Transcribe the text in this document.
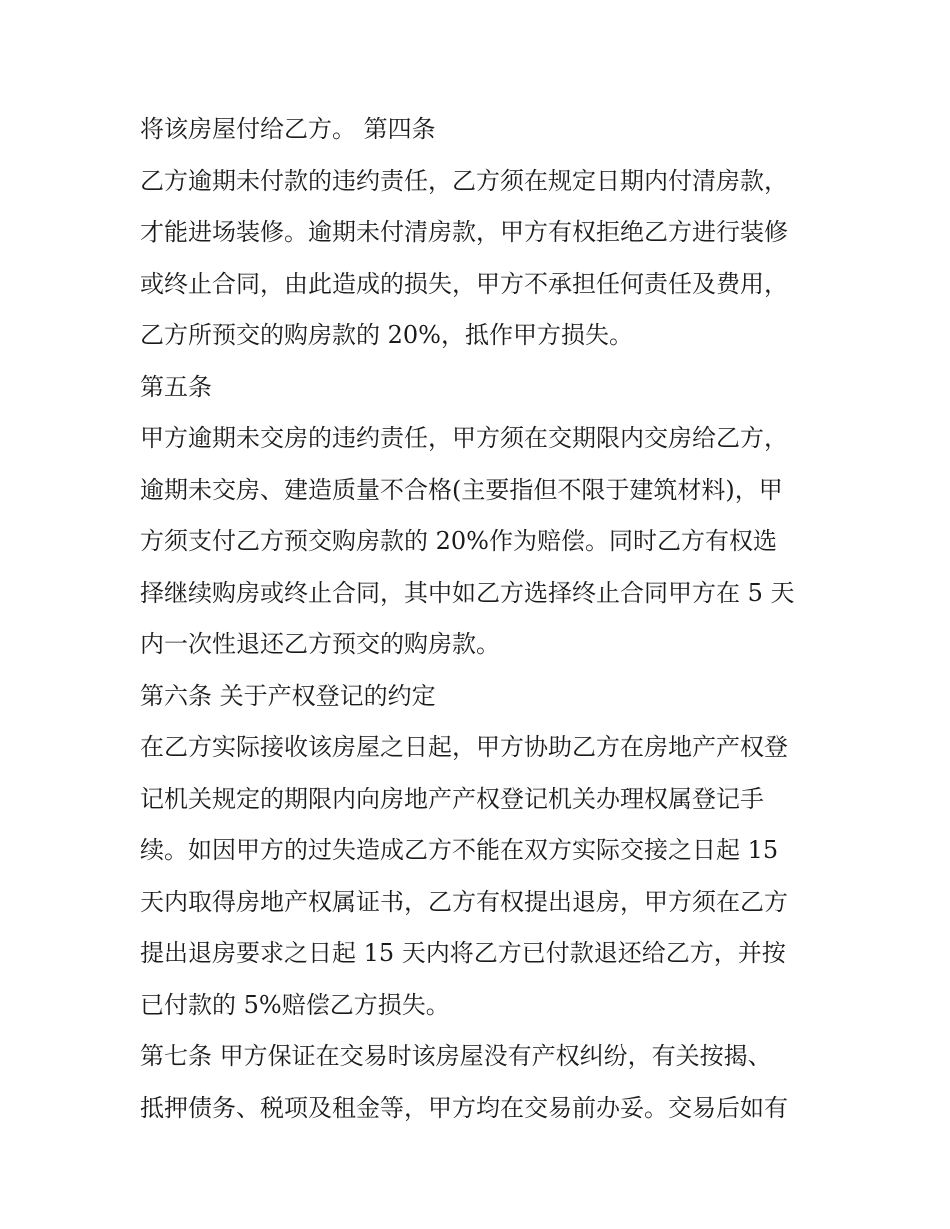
将该房屋付给乙方。 第四条
乙方逾期未付款的违约责任，乙方须在规定日期内付清房款，
才能进场装修。逾期未付清房款，甲方有权拒绝乙方进行装修
或终止合同，由此造成的损失，甲方不承担任何责任及费用，
乙方所预交的购房款的 20%，抵作甲方损失。
第五条
甲方逾期未交房的违约责任，甲方须在交期限内交房给乙方，
逾期未交房、建造质量不合格(主要指但不限于建筑材料)，甲
方须支付乙方预交购房款的 20%作为赔偿。同时乙方有权选
择继续购房或终止合同，其中如乙方选择终止合同甲方在 5 天
内一次性退还乙方预交的购房款。
第六条 关于产权登记的约定
在乙方实际接收该房屋之日起，甲方协助乙方在房地产产权登
记机关规定的期限内向房地产产权登记机关办理权属登记手
续。如因甲方的过失造成乙方不能在双方实际交接之日起 15
天内取得房地产权属证书，乙方有权提出退房，甲方须在乙方
提出退房要求之日起 15 天内将乙方已付款退还给乙方，并按
已付款的 5%赔偿乙方损失。
第七条 甲方保证在交易时该房屋没有产权纠纷，有关按揭、
抵押债务、税项及租金等，甲方均在交易前办妥。交易后如有
